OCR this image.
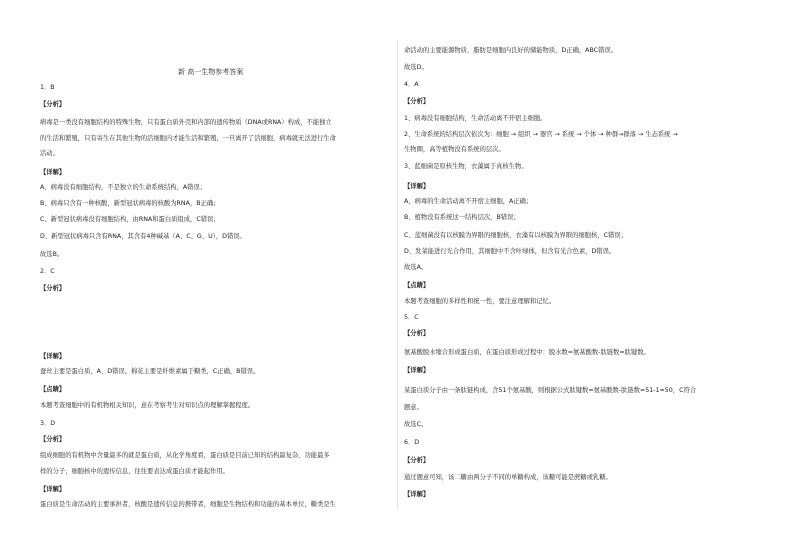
新 高一生物参考答案
1．B
【分析】
病毒是一类没有细胞结构的特殊生物，只有蛋白质外壳和内部的遗传物质（DNA或RNA）构成，不能独立
的生活和繁殖，只有寄生在其他生物的活细胞内才能生活和繁殖，一旦离开了活细胞，病毒就无法进行生命
活动。
【详解】
A、病毒没有细胞结构，不是独立的生命系统结构，A错误；
B、病毒只含有一种核酸，新型冠状病毒的核酸为RNA，B正确；
C、新型冠状病毒没有细胞结构，由RNA和蛋白质组成，C错误；
D、新型冠状病毒只含有RNA，其含有4种碱基（A、C、G、U），D错误。
故选B。
2．C
【分析】
【详解】
蚕丝主要是蛋白质，A、D错误。棉花主要是纤维素属于糖类，C正确，B错误。
【点睛】
本题考查细胞中的有机物相关知识，意在考察考生对知识点的理解掌握程度。
3．D
【分析】
组成细胞的有机物中含量最多的就是蛋白质，从化学角度看，蛋白质是目前已知的结构最复杂、功能最多
样的分子，细胞核中的遗传信息，往往要表达成蛋白质才能起作用。
【详解】
蛋白质是生命活动的主要承担者，核酸是遗传信息的携带者，细胞是生物结构和功能的基本单位，糖类是生
命活动的主要能源物质，脂肪是细胞内良好的储能物质，D正确，ABC错误。
故选D。
4．A
【分析】
1、病毒没有细胞结构，生命活动离不开宿主细胞。
2、生命系统的结构层次依次为：细胞 → 组织 → 器官 → 系统 → 个体 → 种群→群落 → 生态系统 →
生物圈，高等植物没有系统的层次。
3、蓝细菌是原核生物，衣藻属于真核生物。
【详解】
A、病毒的生命活动离不开宿主细胞，A正确；
B、植物没有系统这一结构层次，B错误；
C、蓝细菌没有以核膜为界限的细胞核，衣藻有以核膜为界限的细胞核，C错误；
D、发菜能进行光合作用，其细胞中不含叶绿体，但含有光合色素，D错误。
故选A。
【点睛】
本题考查细胞的多样性和统一性，要注意理解和记忆。
5．C
【分析】
氨基酸脱水缩合形成蛋白质，在蛋白质形成过程中：脱水数=氨基酸数-肽链数=肽键数。
【详解】
某蛋白质分子由一条肽链构成，含51个氨基酸，则根据公式肽键数=氨基酸数-肽链数=51-1=50，C符合
题意。
故选C。
6．D
【分析】
通过题意可知，该二糖由两分子不同的单糖构成，该糖可能是蔗糖或乳糖。
【详解】
